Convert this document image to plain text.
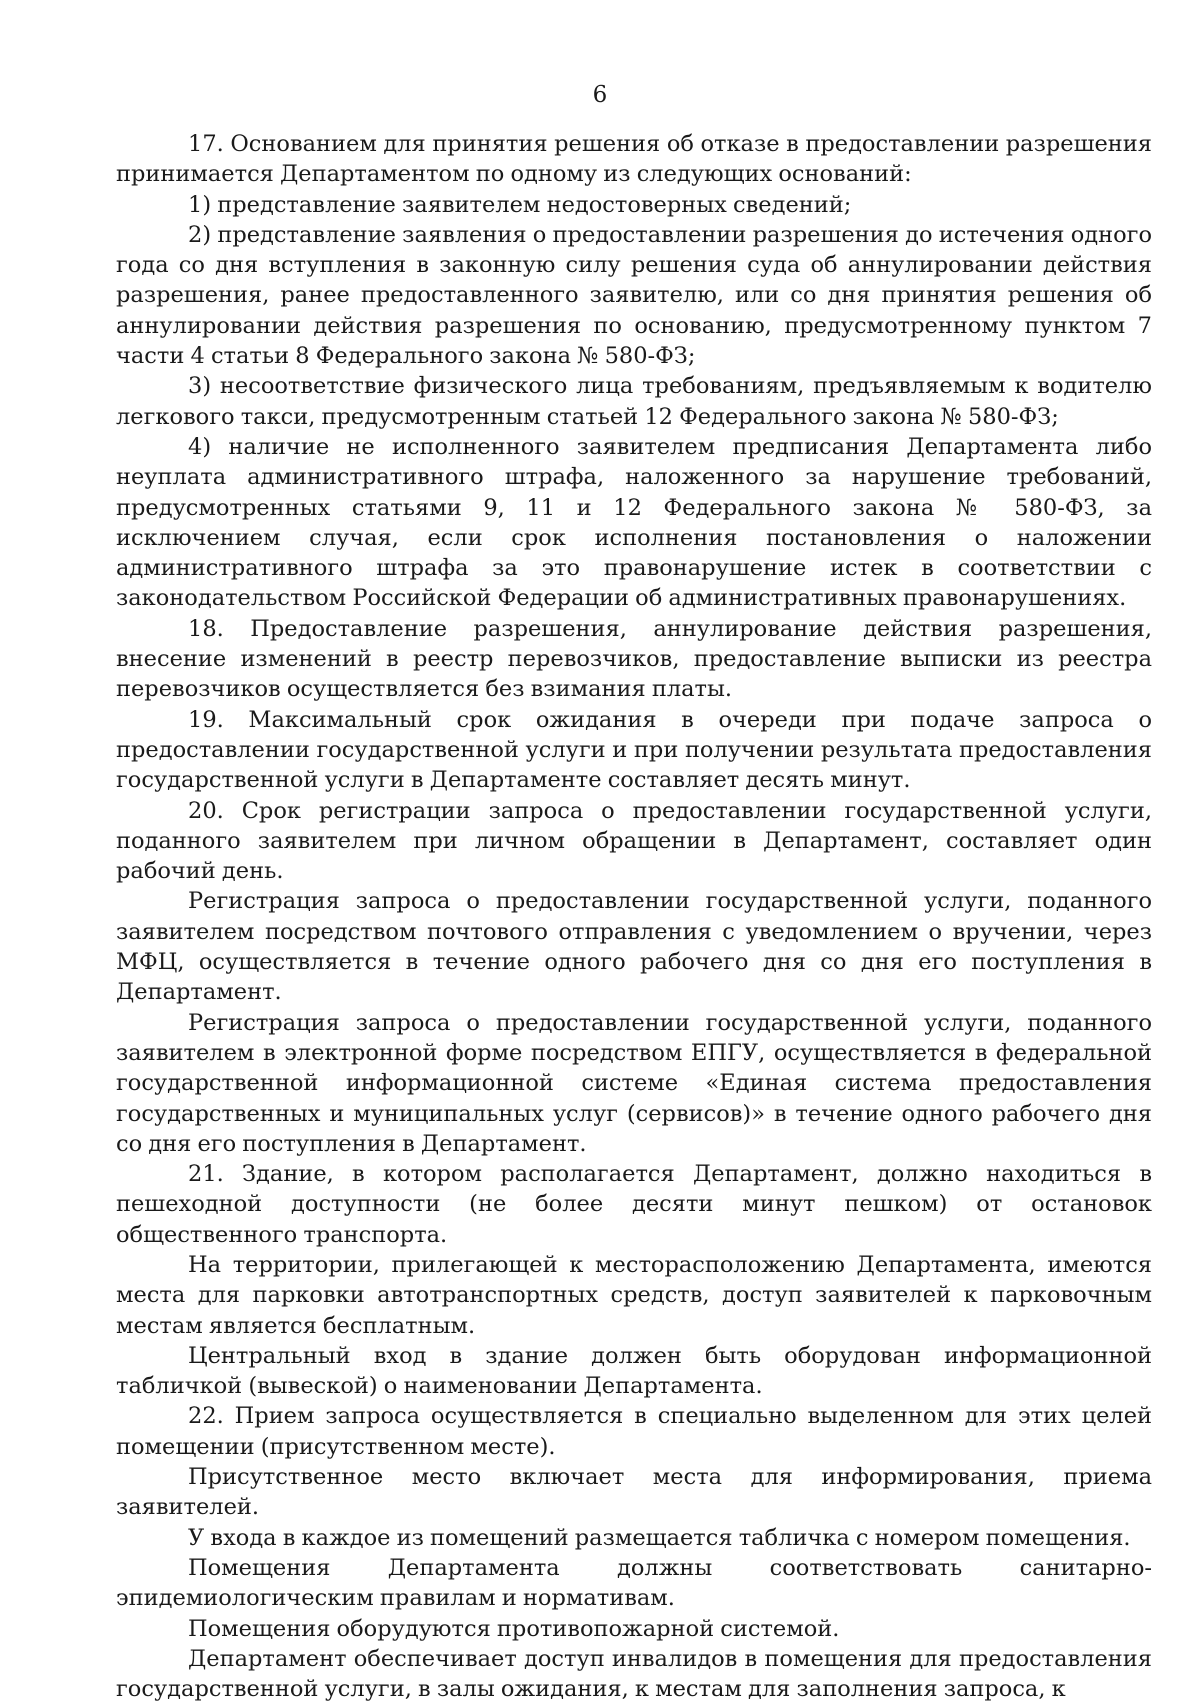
6

17. Основанием для принятия решения об отказе в предоставлении разрешения принимается Департаментом по одному из следующих оснований:

1) представление заявителем недостоверных сведений;

2) представление заявления о предоставлении разрешения до истечения одного года со дня вступления в законную силу решения суда об аннулировании действия разрешения, ранее предоставленного заявителю, или со дня принятия решения об аннулировании действия разрешения по основанию, предусмотренному пунктом 7 части 4 статьи 8 Федерального закона № 580-ФЗ;

3) несоответствие физического лица требованиям, предъявляемым к водителю легкового такси, предусмотренным статьей 12 Федерального закона № 580-ФЗ;

4) наличие не исполненного заявителем предписания Департамента либо неуплата административного штрафа, наложенного за нарушение требований, предусмотренных статьями 9, 11 и 12 Федерального закона № 580-ФЗ, за исключением случая, если срок исполнения постановления о наложении административного штрафа за это правонарушение истек в соответствии с законодательством Российской Федерации об административных правонарушениях.

18. Предоставление разрешения, аннулирование действия разрешения, внесение изменений в реестр перевозчиков, предоставление выписки из реестра перевозчиков осуществляется без взимания платы.

19. Максимальный срок ожидания в очереди при подаче запроса о предоставлении государственной услуги и при получении результата предоставления государственной услуги в Департаменте составляет десять минут.

20. Срок регистрации запроса о предоставлении государственной услуги, поданного заявителем при личном обращении в Департамент, составляет один рабочий день.

Регистрация запроса о предоставлении государственной услуги, поданного заявителем посредством почтового отправления с уведомлением о вручении, через МФЦ, осуществляется в течение одного рабочего дня со дня его поступления в Департамент.

Регистрация запроса о предоставлении государственной услуги, поданного заявителем в электронной форме посредством ЕПГУ, осуществляется в федеральной государственной информационной системе «Единая система предоставления государственных и муниципальных услуг (сервисов)» в течение одного рабочего дня со дня его поступления в Департамент.

21. Здание, в котором располагается Департамент, должно находиться в пешеходной доступности (не более десяти минут пешком) от остановок общественного транспорта.

На территории, прилегающей к месторасположению Департамента, имеются места для парковки автотранспортных средств, доступ заявителей к парковочным местам является бесплатным.

Центральный вход в здание должен быть оборудован информационной табличкой (вывеской) о наименовании Департамента.

22. Прием запроса осуществляется в специально выделенном для этих целей помещении (присутственном месте).

Присутственное место включает места для информирования, приема заявителей.

У входа в каждое из помещений размещается табличка с номером помещения.

Помещения Департамента должны соответствовать санитарно-эпидемиологическим правилам и нормативам.

Помещения оборудуются противопожарной системой.

Департамент обеспечивает доступ инвалидов в помещения для предоставления государственной услуги, в залы ожидания, к местам для заполнения запроса, к
